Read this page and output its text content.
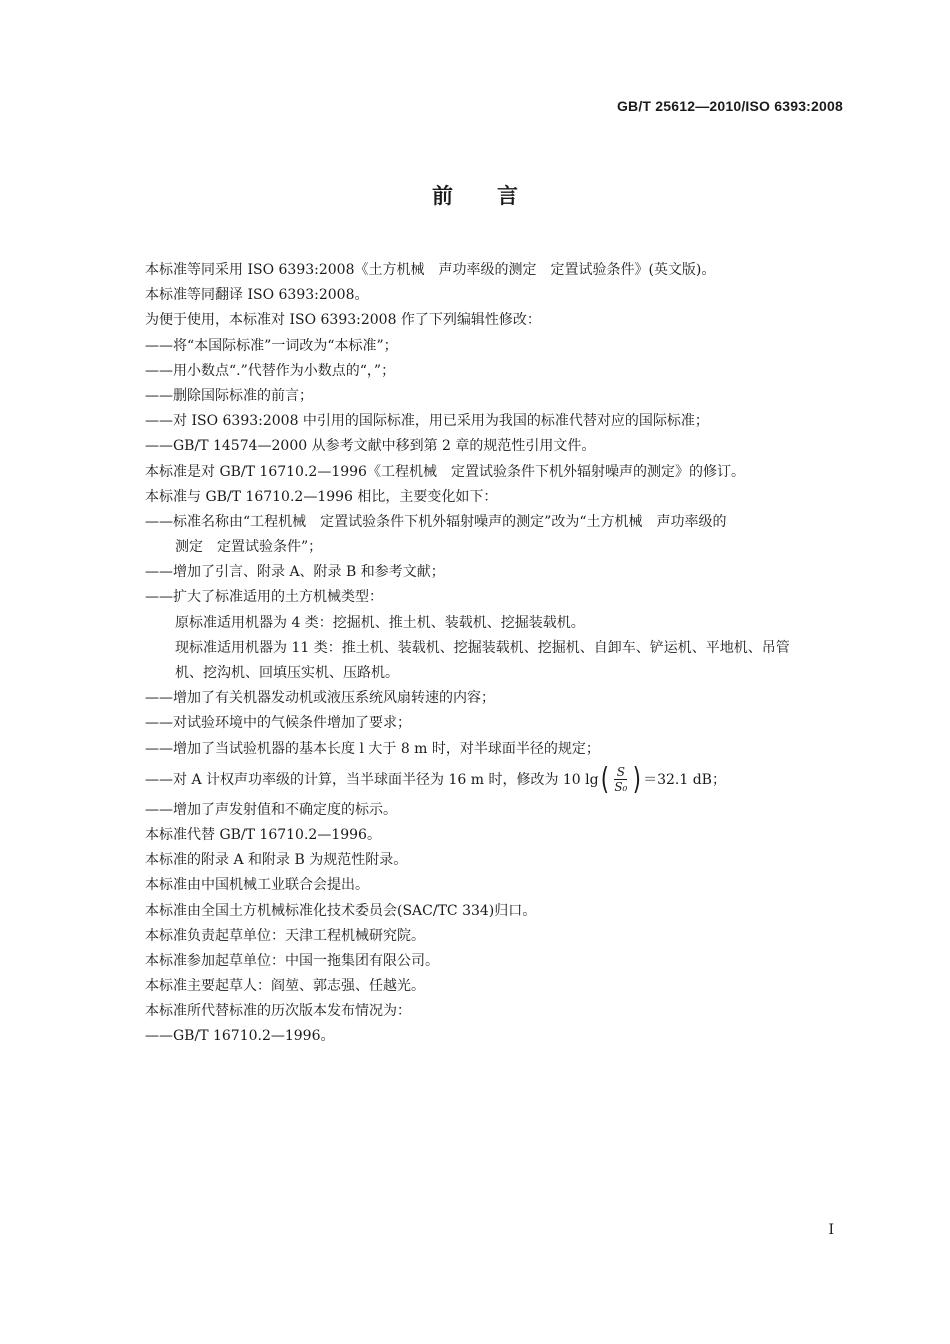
GB/T 25612—2010/ISO 6393:2008
前言
本标准等同采用 ISO 6393:2008《土方机械　声功率级的测定　定置试验条件》(英文版)。
本标准等同翻译 ISO 6393:2008。
为便于使用，本标准对 ISO 6393:2008 作了下列编辑性修改：
——将“本国际标准”一词改为“本标准”；
——用小数点“.”代替作为小数点的“，”；
——删除国际标准的前言；
——对 ISO 6393:2008 中引用的国际标准，用已采用为我国的标准代替对应的国际标准；
——GB/T 14574—2000 从参考文献中移到第 2 章的规范性引用文件。
本标准是对 GB/T 16710.2—1996《工程机械　定置试验条件下机外辐射噪声的测定》的修订。
本标准与 GB/T 16710.2—1996 相比，主要变化如下：
——标准名称由“工程机械　定置试验条件下机外辐射噪声的测定”改为“土方机械　声功率级的
测定　定置试验条件”；
——增加了引言、附录 A、附录 B 和参考文献；
——扩大了标准适用的土方机械类型：
原标准适用机器为 4 类：挖掘机、推土机、装载机、挖掘装载机。
现标准适用机器为 11 类：推土机、装载机、挖掘装载机、挖掘机、自卸车、铲运机、平地机、吊管
机、挖沟机、回填压实机、压路机。
——增加了有关机器发动机或液压系统风扇转速的内容；
——对试验环境中的气候条件增加了要求；
——增加了当试验机器的基本长度 l 大于 8 m 时，对半球面半径的规定；
——对 A 计权声功率级的计算，当半球面半径为 16 m 时，修改为 10 $\lg( \frac{S}{\text{S₀}}$ ) ＝32.1 dB；
——增加了声发射值和不确定度的标示。
本标准代替 GB/T 16710.2—1996。
本标准的附录 A 和附录 B 为规范性附录。
本标准由中国机械工业联合会提出。
本标准由全国土方机械标准化技术委员会(SAC/TC 334)归口。
本标准负责起草单位：天津工程机械研究院。
本标准参加起草单位：中国一拖集团有限公司。
本标准主要起草人：阎堃、郭志强、任越光。
本标准所代替标准的历次版本发布情况为：
——GB/T 16710.2—1996。
I
